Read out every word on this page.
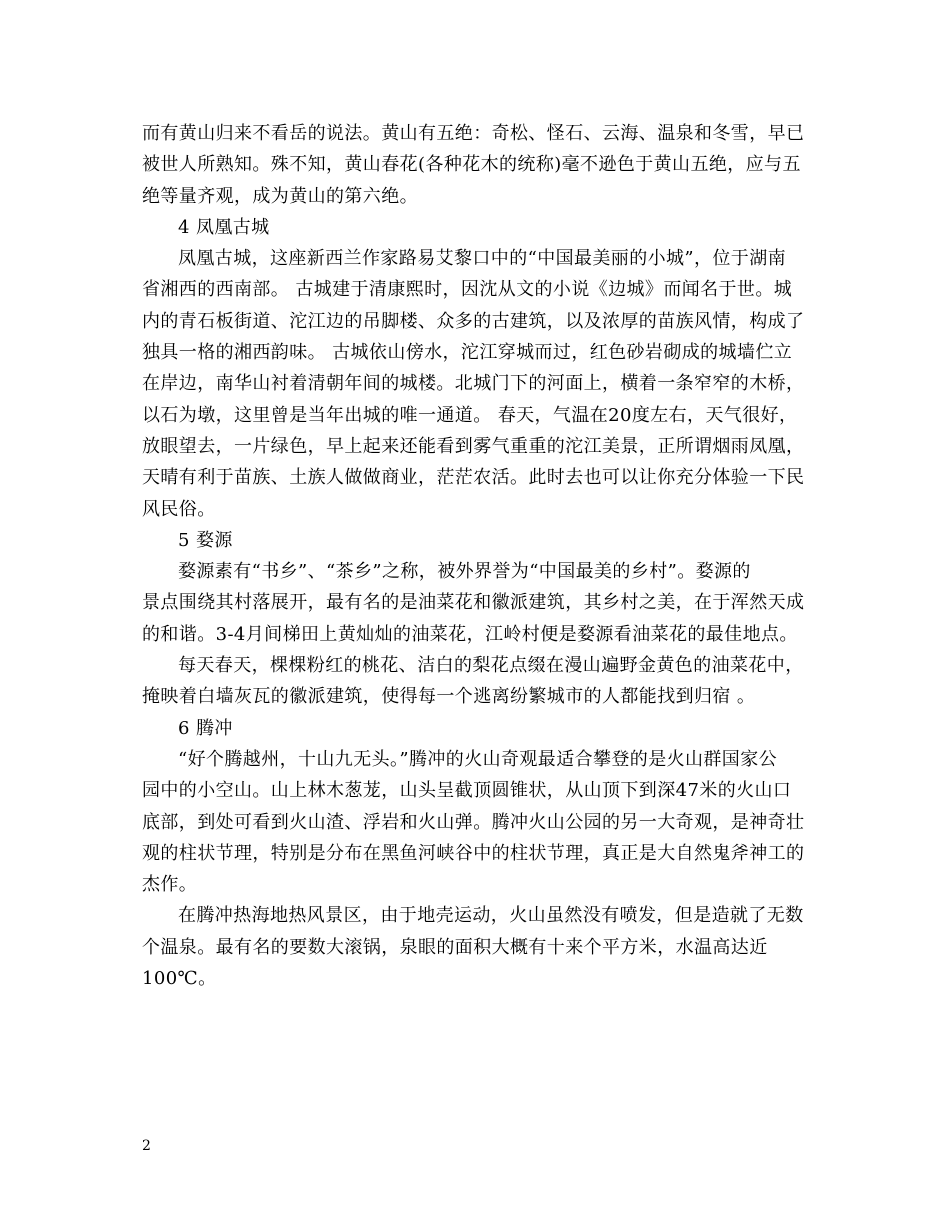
而有黄山归来不看岳的说法。黄山有五绝：奇松、怪石、云海、温泉和冬雪，早已
被世人所熟知。殊不知，黄山春花(各种花木的统称)毫不逊色于黄山五绝，应与五
绝等量齐观，成为黄山的第六绝。
4 凤凰古城
凤凰古城，这座新西兰作家路易艾黎口中的“中国最美丽的小城”，位于湖南
省湘西的西南部。 古城建于清康熙时，因沈从文的小说《边城》而闻名于世。城
内的青石板街道、沱江边的吊脚楼、众多的古建筑，以及浓厚的苗族风情，构成了
独具一格的湘西韵味。 古城依山傍水，沱江穿城而过，红色砂岩砌成的城墙伫立
在岸边，南华山衬着清朝年间的城楼。北城门下的河面上，横着一条窄窄的木桥，
以石为墩，这里曾是当年出城的唯一通道。 春天，气温在20度左右，天气很好，
放眼望去，一片绿色，早上起来还能看到雾气重重的沱江美景，正所谓烟雨凤凰，
天晴有利于苗族、土族人做做商业，茫茫农活。此时去也可以让你充分体验一下民
风民俗。
5 婺源
婺源素有“书乡”、“茶乡”之称，被外界誉为“中国最美的乡村”。婺源的
景点围绕其村落展开，最有名的是油菜花和徽派建筑，其乡村之美，在于浑然天成
的和谐。3-4月间梯田上黄灿灿的油菜花，江岭村便是婺源看油菜花的最佳地点。
每天春天，棵棵粉红的桃花、洁白的梨花点缀在漫山遍野金黄色的油菜花中，
掩映着白墙灰瓦的徽派建筑，使得每一个逃离纷繁城市的人都能找到归宿 。
6 腾冲
“好个腾越州，十山九无头。”腾冲的火山奇观最适合攀登的是火山群国家公
园中的小空山。山上林木葱茏，山头呈截顶圆锥状，从山顶下到深47米的火山口
底部，到处可看到火山渣、浮岩和火山弹。腾冲火山公园的另一大奇观，是神奇壮
观的柱状节理，特别是分布在黑鱼河峡谷中的柱状节理，真正是大自然鬼斧神工的
杰作。
在腾冲热海地热风景区，由于地壳运动，火山虽然没有喷发，但是造就了无数
个温泉。最有名的要数大滚锅，泉眼的面积大概有十来个平方米，水温高达近
100℃。
2
